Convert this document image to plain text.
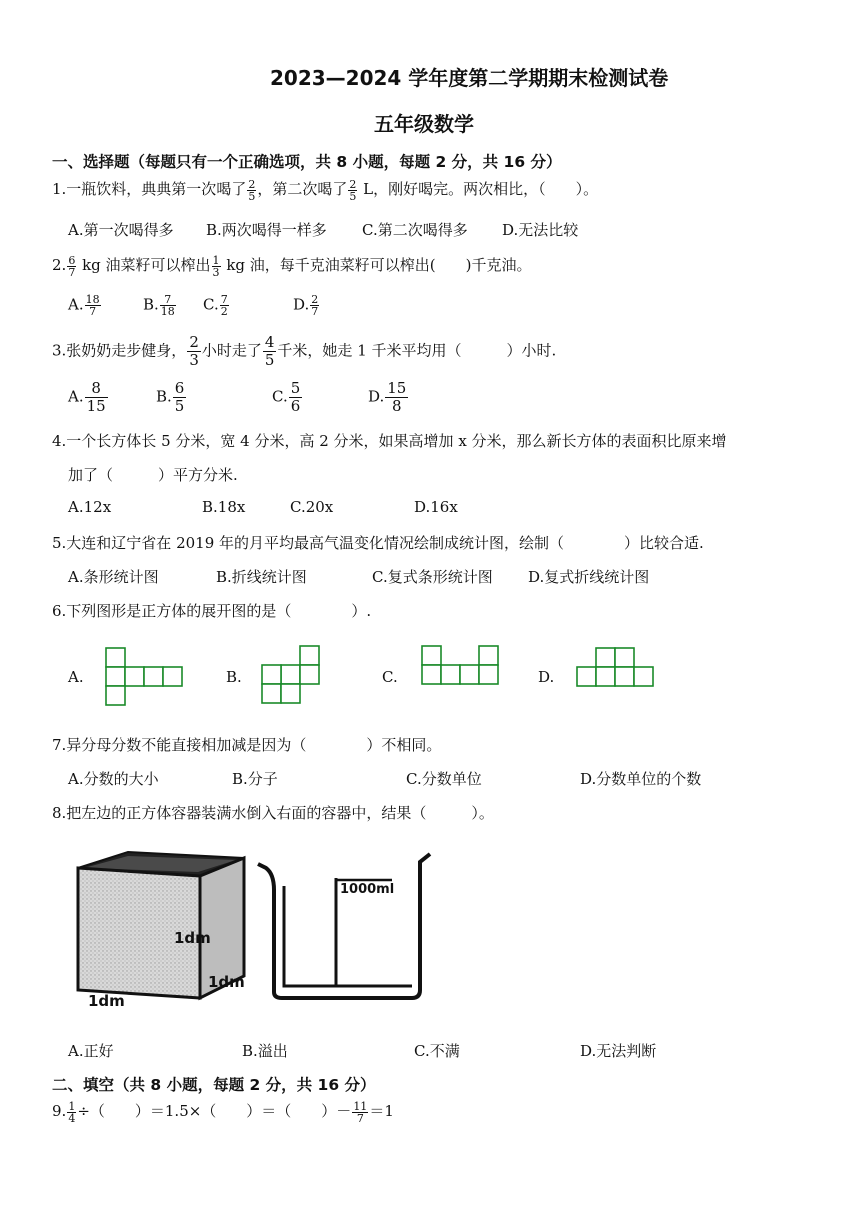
2023—2024 学年度第二学期期末检测试卷
五年级数学
一、选择题（每题只有一个正确选项，共 8 小题，每题 2 分，共 16 分）
1.一瓶饮料，典典第一次喝了 $\frac{2}{5}$ ，第二次喝了 $\frac{2}{5}$ L，刚好喝完。两次相比，（　　）。
A.第一次喝得多 B.两次喝得一样多 C.第二次喝得多 D.无法比较
2. $\frac{6}{7}$ kg 油菜籽可以榨出 $\frac{1}{3}$ kg 油，每千克油菜籽可以榨出(　　)千克油。
A. $\frac{18}{7}$	B. $\frac{7}{18} C$. $\frac{7}{2}$	D. $\frac{2}{7}$
3.张奶奶走步健身， $\frac{2}{3}$ 小时走了 $\frac{4}{5}$ 千米，她走 1 千米平均用（　　　）小时.
A. $\frac{8}{15}$	B. $\frac{6}{5}$	C. $\frac{5}{6}$	D. $\frac{15}{8}$
4.一个长方体长 5 分米，宽 4 分米，高 2 分米，如果高增加 x 分米，那么新长方体的表面积比原来增
加了（　　　）平方分米.
A.12x	B.18x	C.20x	D.16x
5.大连和辽宁省在 2019 年的月平均最高气温变化情况绘制成统计图，绘制（　　　　）比较合适.
A.条形统计图	B.折线统计图	C.复式条形统计图 D.复式折线统计图
6.下列图形是正方体的展开图的是（　　　　）.
A.	B.	C.	D.
7.异分母分数不能直接相加减是因为（　　　　）不相同。
A.分数的大小	B.分子	C.分数单位	D.分数单位的个数
8.把左边的正方体容器装满水倒入右面的容器中，结果（　　　）。
1dm
1dm
1dm
1000ml
A.正好	B.溢出	C.不满	D.无法判断
二、填空（共 8 小题，每题 2 分，共 16 分）
9. $\frac{1}{4}$ ÷（　　）＝1.5×（　　）＝（　　）－ $\frac{11}{7} =1$
